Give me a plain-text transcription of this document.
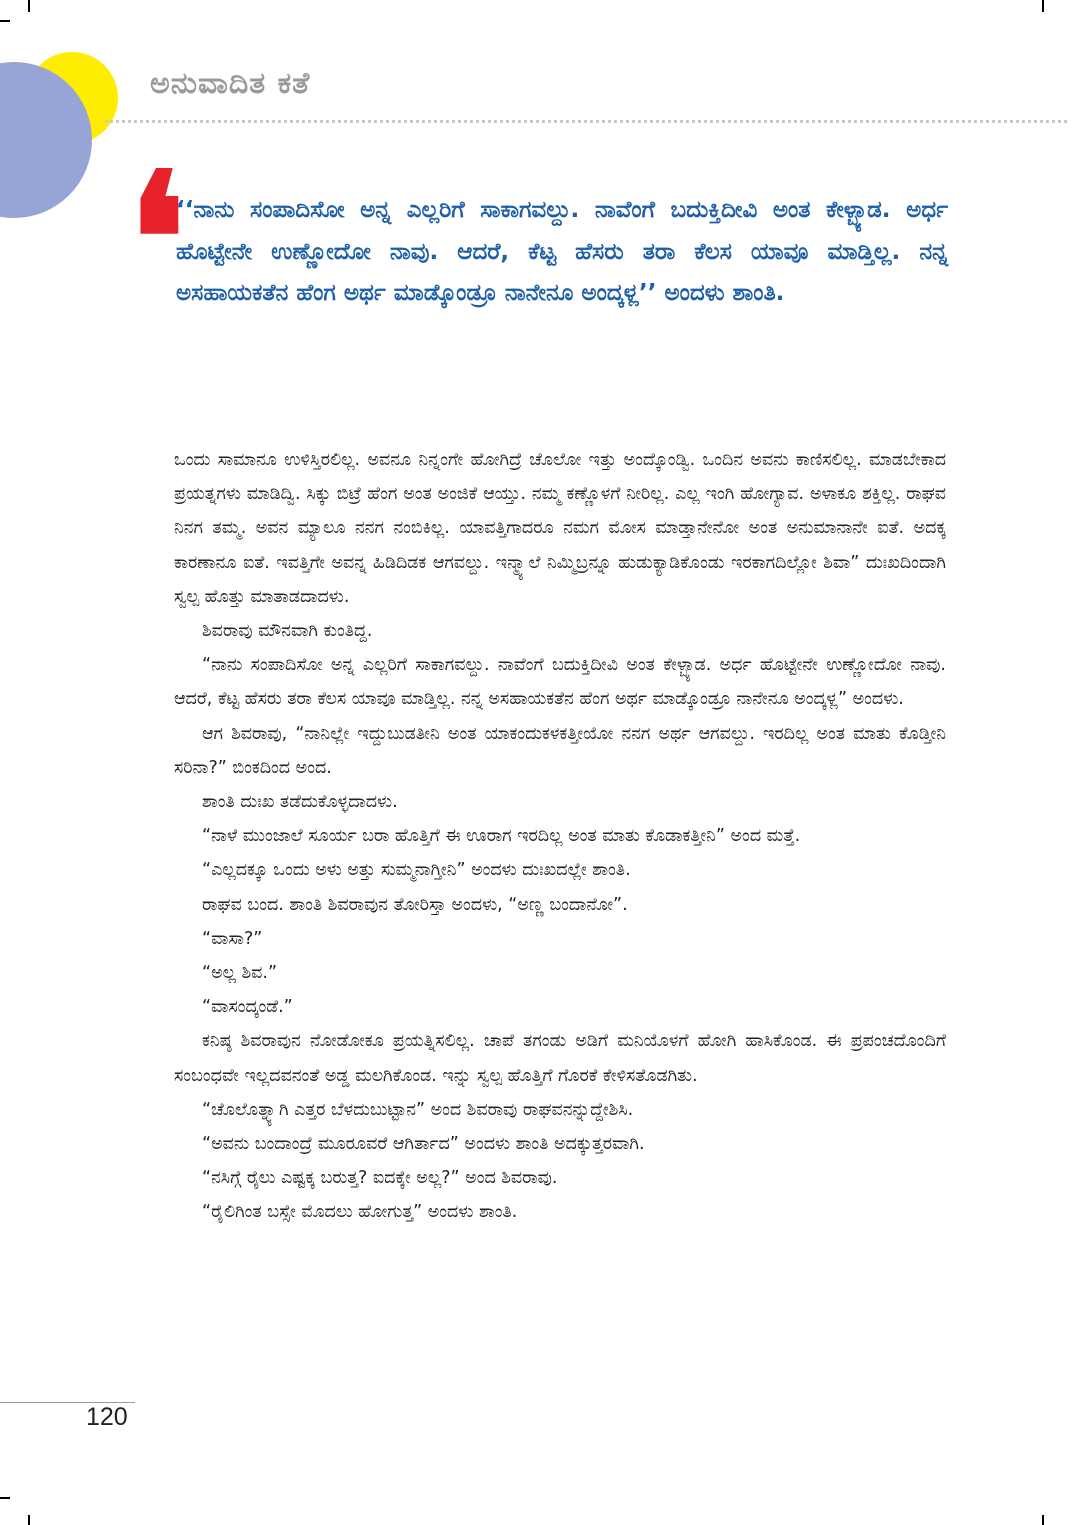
ಅನುವಾದಿತ ಕತೆ
❛

‘‘ನಾನು ಸಂಪಾದಿಸೋ ಅನ್ನ ಎಲ್ಲರಿಗೆ ಸಾಕಾಗವಲ್ದು. ನಾವೆಂಗೆ ಬದುಕ್ತಿದೀವಿ ಅಂತ ಕೇಳ್ಬ್ಯಾಡ. ಅರ್ಧ ಹೊಟ್ಟೇನೇ ಉಣ್ಣೋದೋ ನಾವು. ಆದರೆ, ಕೆಟ್ಟ ಹೆಸರು ತರಾ ಕೆಲಸ ಯಾವೂ ಮಾಡ್ತಿಲ್ಲ. ನನ್ನ ಅಸಹಾಯಕತೆನ ಹೆಂಗ ಅರ್ಥ ಮಾಡ್ಕೊಂಡ್ರೂ ನಾನೇನೂ ಅಂದ್ಕಳ್ಲ’’ ಅಂದಳು ಶಾಂತಿ.

ಒಂದು ಸಾಮಾನೂ ಉಳಿಸ್ತಿರಲಿಲ್ಲ. ಅವನೂ ನಿನ್ನಂಗೇ ಹೋಗಿದ್ರೆ ಚೊಲೋ ಇತ್ತು ಅಂದ್ಕೊಂಡ್ವಿ. ಒಂದಿನ ಅವನು ಕಾಣಿಸಲಿಲ್ಲ. ಮಾಡಬೇಕಾದ ಪ್ರಯತ್ನಗಳು ಮಾಡಿದ್ವಿ. ಸಿಕ್ಕು ಬಿಟ್ರೆ ಹೆಂಗ ಅಂತ ಅಂಜಿಕೆ ಆಯ್ತು. ನಮ್ಮ ಕಣ್ಣೊಳಗೆ ನೀರಿಲ್ಲ. ಎಲ್ಲ ಇಂಗಿ ಹೋಗ್ಯಾವ. ಅಳಾಕೂ ಶಕ್ತಿಲ್ಲ. ರಾಘವ ನಿನಗ ತಮ್ಮ. ಅವನ ಮ್ಯಾಲೂ ನನಗ ನಂಬಿಕಿಲ್ಲ. ಯಾವತ್ತಿಗಾದರೂ ನಮಗ ಮೋಸ ಮಾಡ್ತಾನೇನೋ ಅಂತ ಅನುಮಾನಾನೇ ಐತೆ. ಅದಕ್ಕ ಕಾರಣಾನೂ ಐತೆ. ಇವತ್ತಿಗೇ ಅವನ್ನ ಹಿಡಿದಿಡಕ ಆಗವಲ್ದು. ಇನ್ಮ್ಯಾಲೆ ನಿಮ್ಮಿಬ್ರನ್ನೂ ಹುಡುಕ್ಯಾಡಿಕೊಂಡು ಇರಕಾಗದಿಲ್ಲೋ ಶಿವಾ” ದುಃಖದಿಂದಾಗಿ ಸ್ವಲ್ಪ ಹೊತ್ತು ಮಾತಾಡದಾದಳು.

ಶಿವರಾವು ಮೌನವಾಗಿ ಕುಂತಿದ್ದ.

“ನಾನು ಸಂಪಾದಿಸೋ ಅನ್ನ ಎಲ್ಲರಿಗೆ ಸಾಕಾಗವಲ್ದು. ನಾವೆಂಗೆ ಬದುಕ್ತಿದೀವಿ ಅಂತ ಕೇಳ್ಬ್ಯಾಡ. ಅರ್ಧ ಹೊಟ್ಟೇನೇ ಉಣ್ಣೋದೋ ನಾವು. ಆದರೆ, ಕೆಟ್ಟ ಹೆಸರು ತರಾ ಕೆಲಸ ಯಾವೂ ಮಾಡ್ತಿಲ್ಲ. ನನ್ನ ಅಸಹಾಯಕತೆನ ಹೆಂಗ ಅರ್ಥ ಮಾಡ್ಕೊಂಡ್ರೂ ನಾನೇನೂ ಅಂದ್ಕಳ್ಲ” ಅಂದಳು.

ಆಗ ಶಿವರಾವು, “ನಾನಿಲ್ಲೇ ಇದ್ದುಬುಡತೀನಿ ಅಂತ ಯಾಕಂದುಕಳಕತ್ತೀಯೋ ನನಗ ಅರ್ಥ ಆಗವಲ್ದು. ಇರದಿಲ್ಲ ಅಂತ ಮಾತು ಕೊಡ್ತೀನಿ ಸರಿನಾ?” ಬಿಂಕದಿಂದ ಅಂದ.

ಶಾಂತಿ ದುಃಖ ತಡೆದುಕೊಳ್ಳದಾದಳು.

“ನಾಳೆ ಮುಂಜಾಲೆ ಸೂರ್ಯ ಬರಾ ಹೊತ್ತಿಗೆ ಈ ಊರಾಗ ಇರದಿಲ್ಲ ಅಂತ ಮಾತು ಕೊಡಾಕತ್ತೀನಿ” ಅಂದ ಮತ್ತೆ.

“ಎಲ್ಲದಕ್ಕೂ ಒಂದು ಅಳು ಅತ್ತು ಸುಮ್ಮನಾಗ್ತೀನಿ” ಅಂದಳು ದುಃಖದಲ್ಲೇ ಶಾಂತಿ.

ರಾಘವ ಬಂದ. ಶಾಂತಿ ಶಿವರಾವುನ ತೋರಿಸ್ತಾ ಅಂದಳು, “ಅಣ್ಣ ಬಂದಾನೋ”.

“ವಾಸಾ?”

“ಅಲ್ಲ ಶಿವ.”

“ವಾಸಂದ್ಕಂಡೆ.”

ಕನಿಷ್ಠ ಶಿವರಾವುನ ನೋಡೋಕೂ ಪ್ರಯತ್ನಿಸಲಿಲ್ಲ. ಚಾಪೆ ತಗಂಡು ಅಡಿಗೆ ಮನಿಯೊಳಗೆ ಹೋಗಿ ಹಾಸಿಕೊಂಡ. ಈ ಪ್ರಪಂಚದೊಂದಿಗೆ ಸಂಬಂಧವೇ ಇಲ್ಲದವನಂತೆ ಅಡ್ಡ ಮಲಗಿಕೊಂಡ. ಇನ್ನು ಸ್ವಲ್ಪ ಹೊತ್ತಿಗೆ ಗೊರಕೆ ಕೇಳಿಸತೊಡಗಿತು.

“ಚೊಲೊತ್ನ್ಯಾಗಿ ಎತ್ತರ ಬೆಳದುಬುಟ್ಟಾನ” ಅಂದ ಶಿವರಾವು ರಾಘವನನ್ನುದ್ದೇಶಿಸಿ.

“ಅವನು ಬಂದಾಂದ್ರೆ ಮೂರೂವರೆ ಆಗಿರ್ತಾದ” ಅಂದಳು ಶಾಂತಿ ಅದಕ್ಕುತ್ತರವಾಗಿ.

“ನಸಿಗ್ಗೆ ರೈಲು ಎಷ್ಟಕ್ಕ ಬರುತ್ತ? ಐದಕ್ಕೇ ಅಲ್ಲ?” ಅಂದ ಶಿವರಾವು.

“ರೈಲಿಗಿಂತ ಬಸ್ಸೇ ಮೊದಲು ಹೋಗುತ್ತ” ಅಂದಳು ಶಾಂತಿ.

120
